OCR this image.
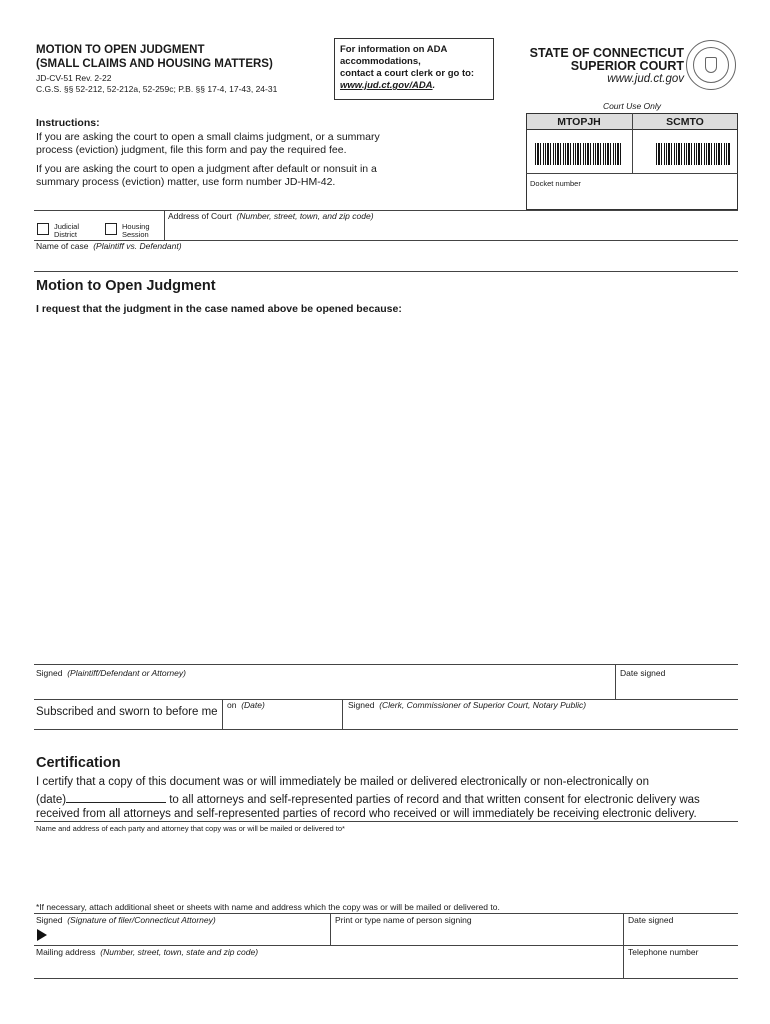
MOTION TO OPEN JUDGMENT
(SMALL CLAIMS AND HOUSING MATTERS)
JD-CV-51 Rev. 2-22
C.G.S. §§ 52-212, 52-212a, 52-259c; P.B. §§ 17-4, 17-43, 24-31
For information on ADA
accommodations,
contact a court clerk or go to:
www.jud.ct.gov/ADA.
STATE OF CONNECTICUT
SUPERIOR COURT
www.jud.ct.gov
Court Use Only
MTOPJH	SCMTO
Docket number
Instructions:
If you are asking the court to open a small claims judgment, or a summary
process (eviction) judgment, file this form and pay the required fee.
If you are asking the court to open a judgment after default or nonsuit in a
summary process (eviction) matter, use form number JD-HM-42.
Judicial
District
Housing
Session
Address of Court (Number, street, town, and zip code)
Name of case (Plaintiff vs. Defendant)
Motion to Open Judgment
I request that the judgment in the case named above be opened because:
Signed (Plaintiff/Defendant or Attorney)	Date signed
Subscribed and sworn to before me
on (Date)	Signed (Clerk, Commissioner of Superior Court, Notary Public)
Certification
I certify that a copy of this document was or will immediately be mailed or delivered electronically or non-electronically on
(date)	to all attorneys and self-represented parties of record and that written consent for electronic delivery was
received from all attorneys and self-represented parties of record who received or will immediately be receiving electronic delivery.
Name and address of each party and attorney that copy was or will be mailed or delivered to*
*If necessary, attach additional sheet or sheets with name and address which the copy was or will be mailed or delivered to.
Signed (Signature of filer/Connecticut Attorney)	Print or type name of person signing	Date signed
Mailing address (Number, street, town, state and zip code)	Telephone number
